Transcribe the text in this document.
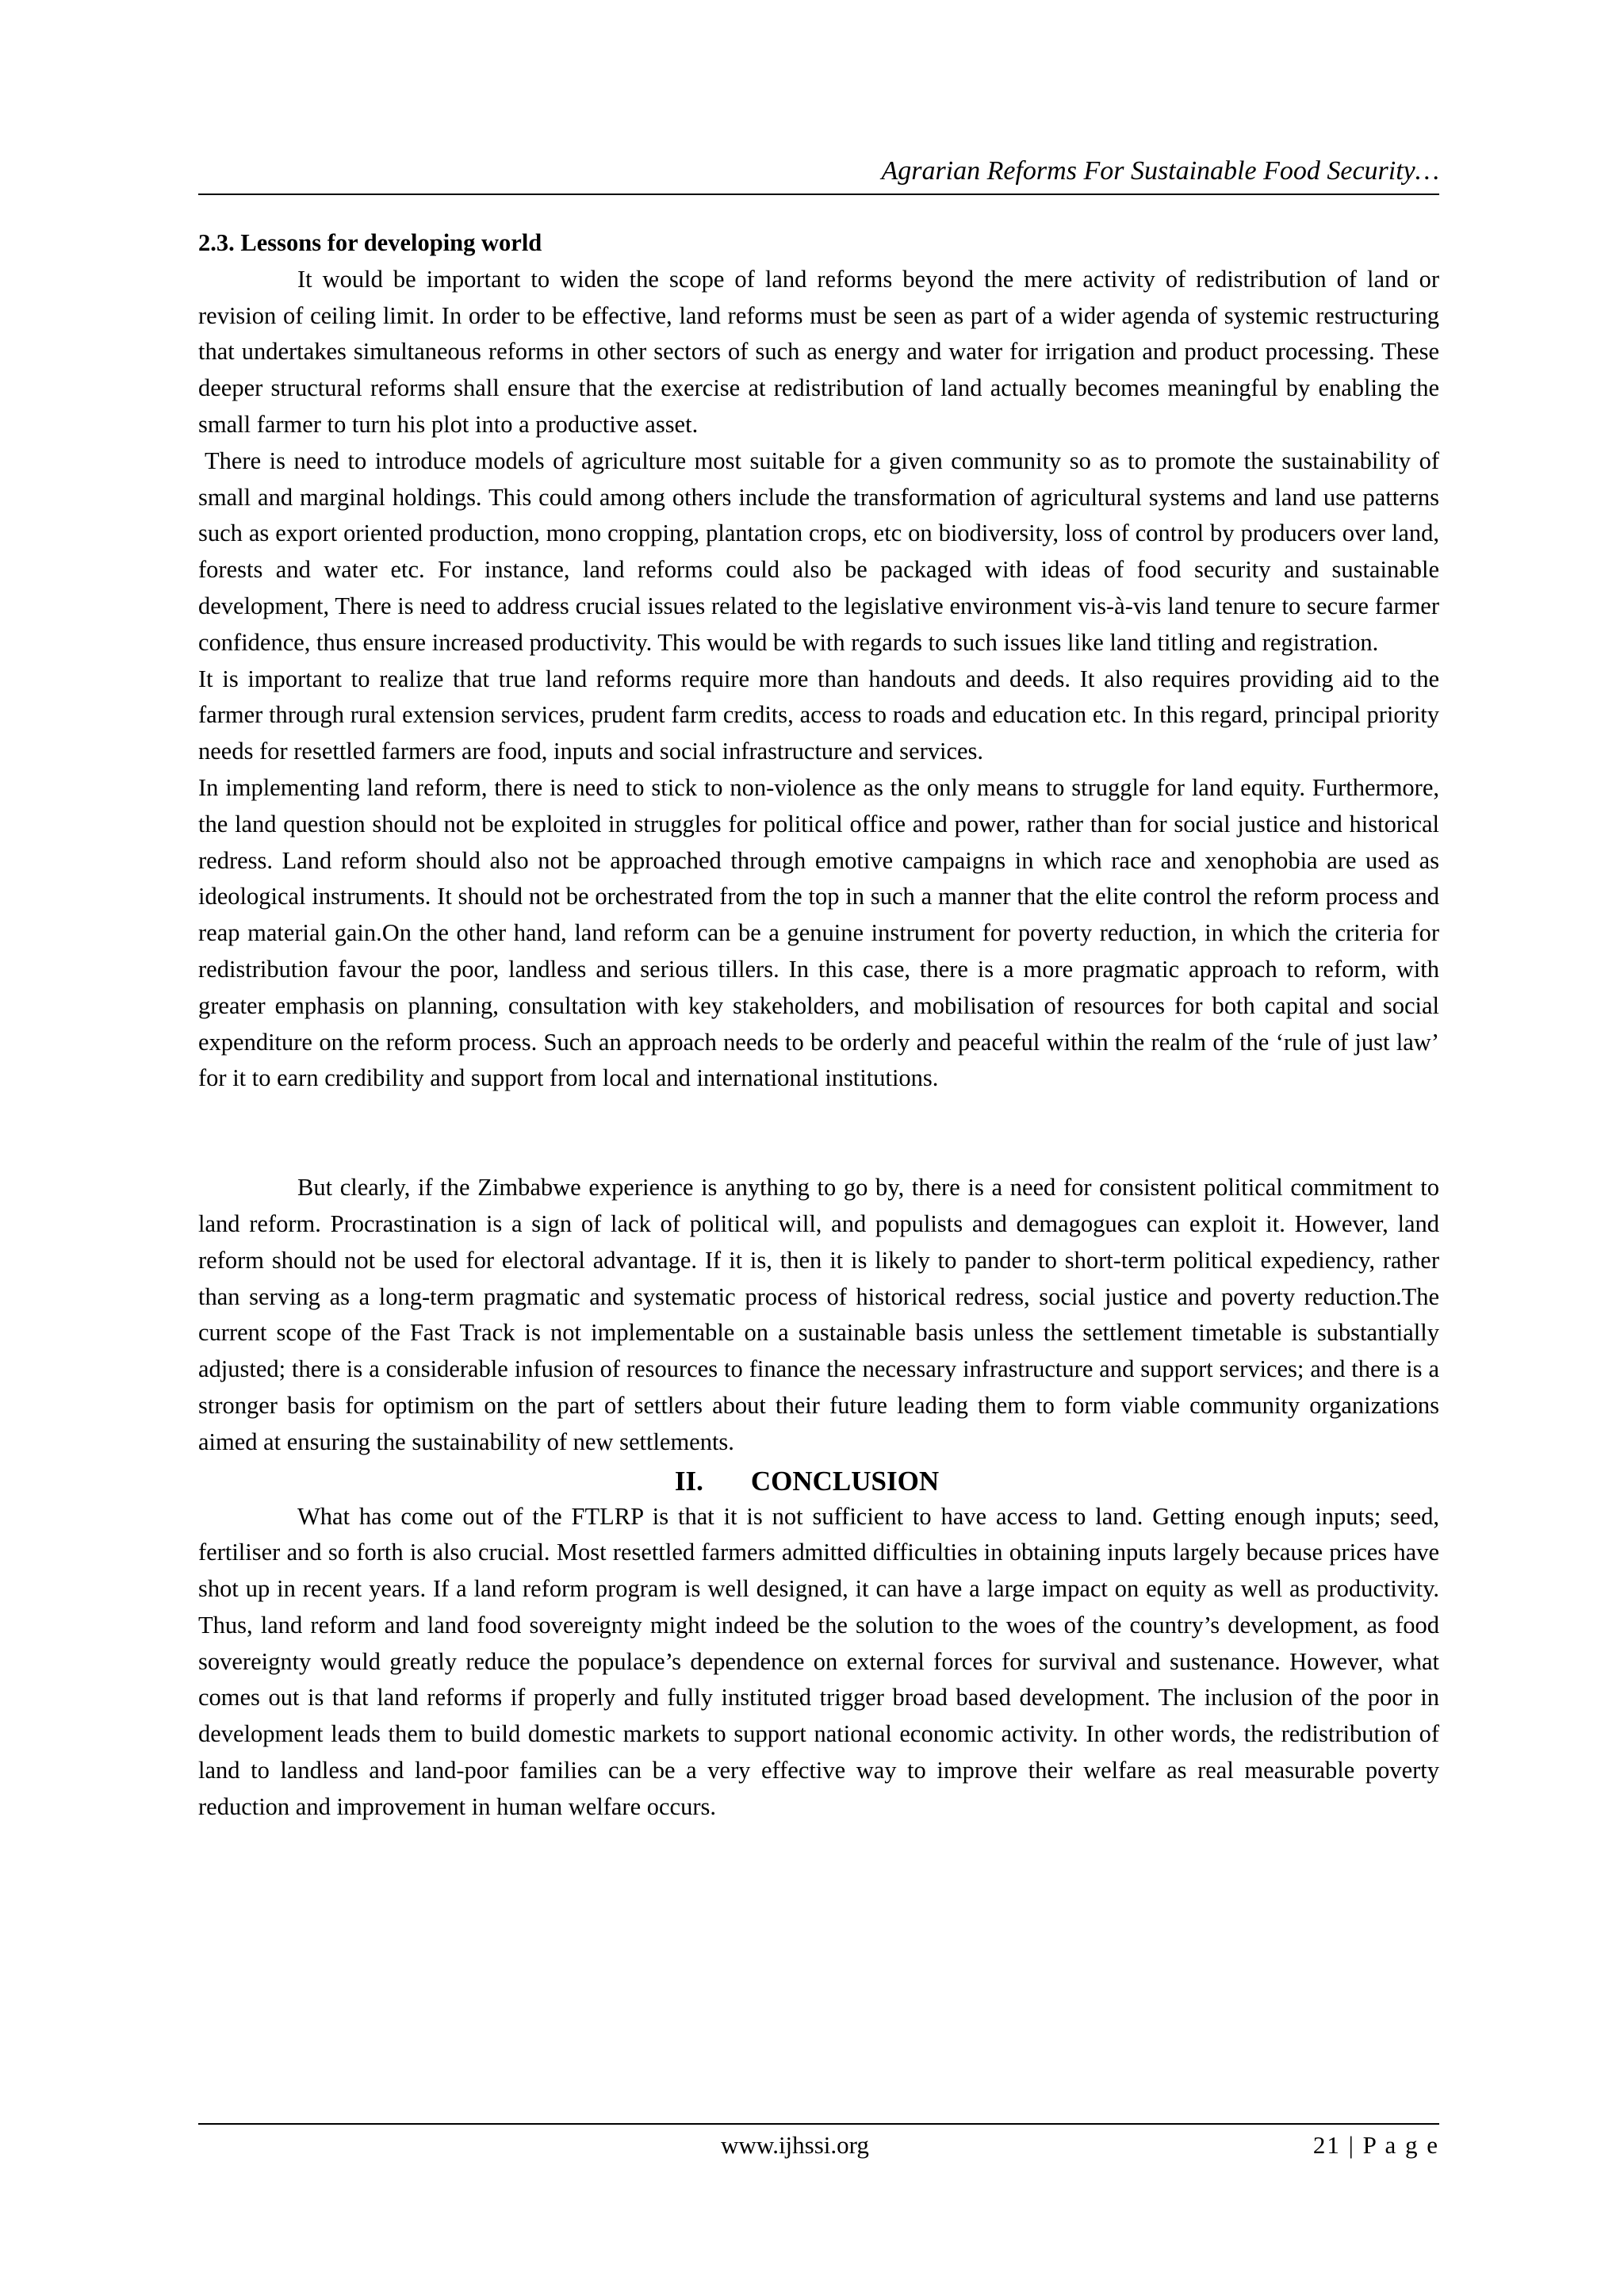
Agrarian Reforms For Sustainable Food Security…

2.3. Lessons for developing world

It would be important to widen the scope of land reforms beyond the mere activity of redistribution of land or revision of ceiling limit. In order to be effective, land reforms must be seen as part of a wider agenda of systemic restructuring that undertakes simultaneous reforms in other sectors of such as energy and water for irrigation and product processing. These deeper structural reforms shall ensure that the exercise at redistribution of land actually becomes meaningful by enabling the small farmer to turn his plot into a productive asset.

There is need to introduce models of agriculture most suitable for a given community so as to promote the sustainability of small and marginal holdings. This could among others include the transformation of agricultural systems and land use patterns such as export oriented production, mono cropping, plantation crops, etc on biodiversity, loss of control by producers over land, forests and water etc. For instance, land reforms could also be packaged with ideas of food security and sustainable development, There is need to address crucial issues related to the legislative environment vis-à-vis land tenure to secure farmer confidence, thus ensure increased productivity. This would be with regards to such issues like land titling and registration.

It is important to realize that true land reforms require more than handouts and deeds. It also requires providing aid to the farmer through rural extension services, prudent farm credits, access to roads and education etc. In this regard, principal priority needs for resettled farmers are food, inputs and social infrastructure and services.

In implementing land reform, there is need to stick to non-violence as the only means to struggle for land equity. Furthermore, the land question should not be exploited in struggles for political office and power, rather than for social justice and historical redress. Land reform should also not be approached through emotive campaigns in which race and xenophobia are used as ideological instruments. It should not be orchestrated from the top in such a manner that the elite control the reform process and reap material gain.On the other hand, land reform can be a genuine instrument for poverty reduction, in which the criteria for redistribution favour the poor, landless and serious tillers. In this case, there is a more pragmatic approach to reform, with greater emphasis on planning, consultation with key stakeholders, and mobilisation of resources for both capital and social expenditure on the reform process. Such an approach needs to be orderly and peaceful within the realm of the ‘rule of just law’ for it to earn credibility and support from local and international institutions.

But clearly, if the Zimbabwe experience is anything to go by, there is a need for consistent political commitment to land reform. Procrastination is a sign of lack of political will, and populists and demagogues can exploit it. However, land reform should not be used for electoral advantage. If it is, then it is likely to pander to short-term political expediency, rather than serving as a long-term pragmatic and systematic process of historical redress, social justice and poverty reduction.The current scope of the Fast Track is not implementable on a sustainable basis unless the settlement timetable is substantially adjusted; there is a considerable infusion of resources to finance the necessary infrastructure and support services; and there is a stronger basis for optimism on the part of settlers about their future leading them to form viable community organizations aimed at ensuring the sustainability of new settlements.

II. CONCLUSION

What has come out of the FTLRP is that it is not sufficient to have access to land. Getting enough inputs; seed, fertiliser and so forth is also crucial. Most resettled farmers admitted difficulties in obtaining inputs largely because prices have shot up in recent years. If a land reform program is well designed, it can have a large impact on equity as well as productivity. Thus, land reform and land food sovereignty might indeed be the solution to the woes of the country’s development, as food sovereignty would greatly reduce the populace’s dependence on external forces for survival and sustenance. However, what comes out is that land reforms if properly and fully instituted trigger broad based development. The inclusion of the poor in development leads them to build domestic markets to support national economic activity. In other words, the redistribution of land to landless and land-poor families can be a very effective way to improve their welfare as real measurable poverty reduction and improvement in human welfare occurs.

www.ijhssi.org	21 | P a g e
